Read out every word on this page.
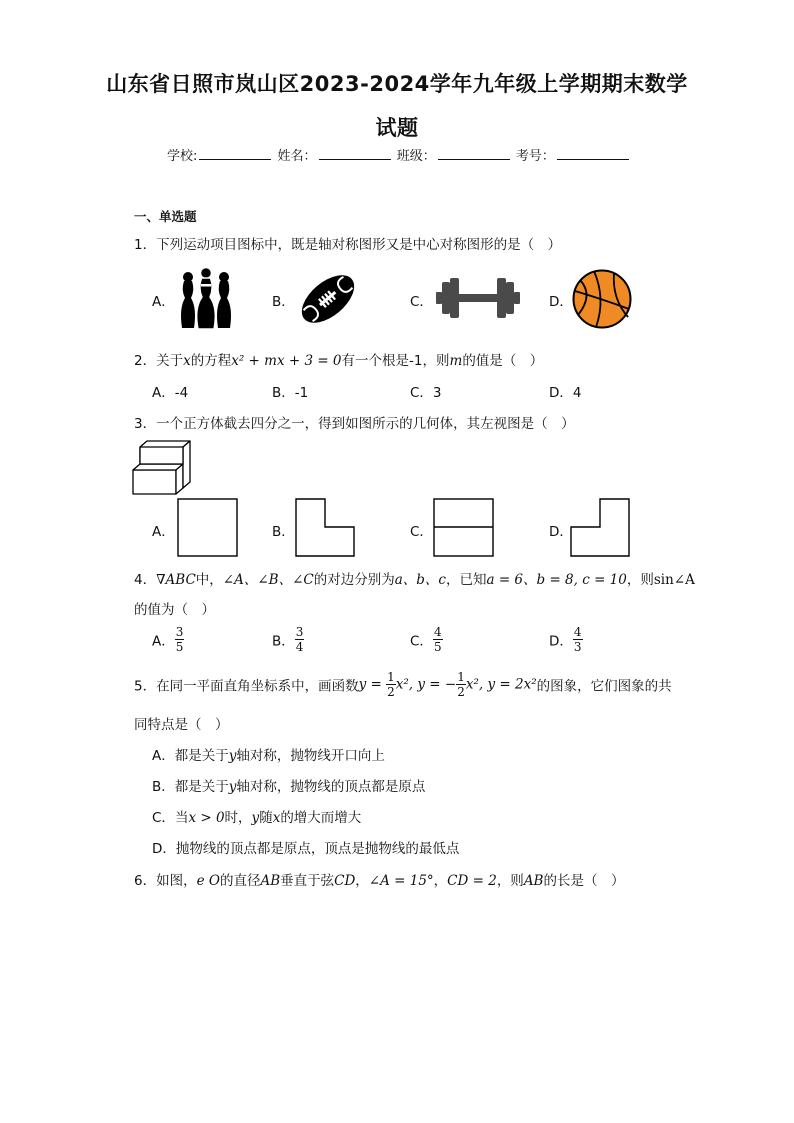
山东省日照市岚山区2023-2024学年九年级上学期期末数学
试题
学校:	姓名：	班级：	考号：
一、单选题
1．下列运动项目图标中，既是轴对称图形又是中心对称图形的是（　）
A．	B．	C．	D．
2．关于x的方程x² + mx + 3 = 0有一个根是-1，则m的值是（　）
A．-4	B．-1	C．3	D．4
3．一个正方体截去四分之一，得到如图所示的几何体，其左视图是（　）
A．	B．	C．	D．
4．∇ABC中，∠A、∠B、∠C的对边分别为a、b、c，已知a = 6、b = 8, c = 10，则sin∠A
的值为（　）
A． $\frac{3}{5}$	B． $\frac{3}{4}$	C． $\frac{4}{5}$	D． $\frac{4}{3}$
5．在同一平面直角坐标系中，画函数$y = \frac{1}{2} x^2$, y = − $\frac{1}{2} x^2$, y = 2x²的图象，它们图象的共
同特点是（　）
A．都是关于y轴对称，抛物线开口向上
B．都是关于y轴对称，抛物线的顶点都是原点
C．当x > 0时，y随x的增大而增大
D．抛物线的顶点都是原点，顶点是抛物线的最低点
6．如图，e O的直径AB垂直于弦CD，∠A = 15°，CD = 2，则AB的长是（　）
